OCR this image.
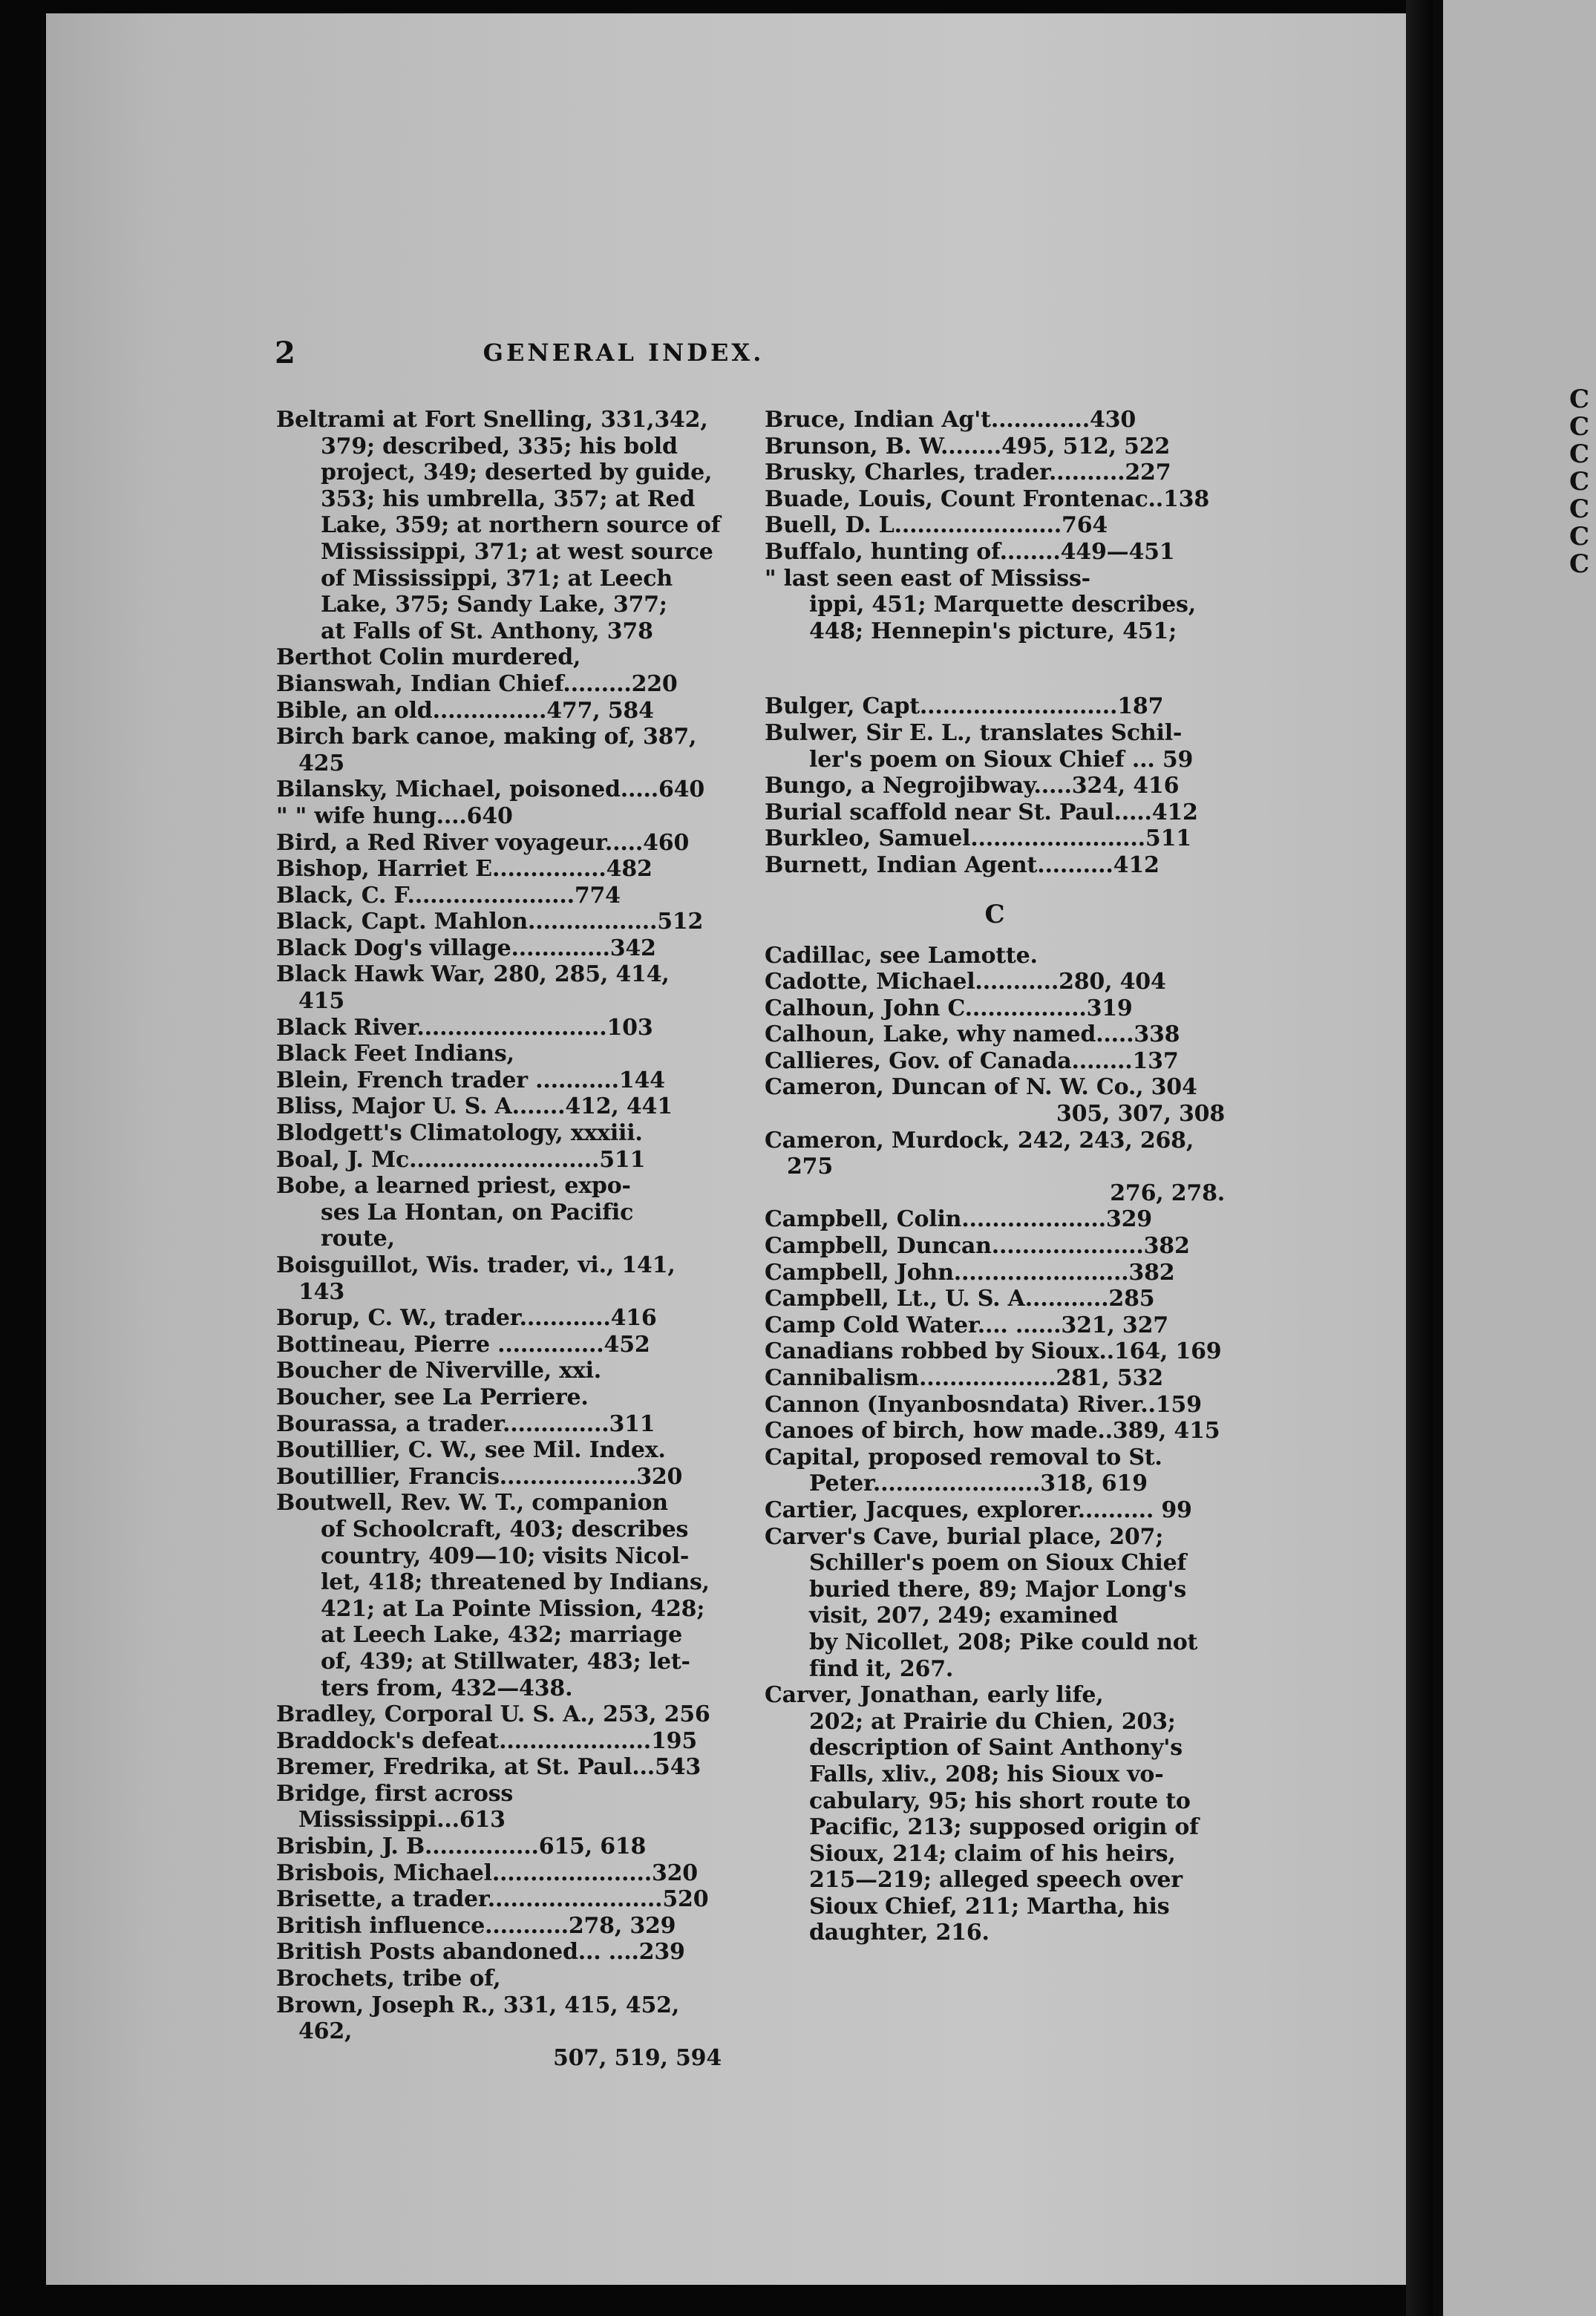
2	GENERAL INDEX.

Beltrami at Fort Snelling, 331,342,

379; described, 335; his bold

project, 349; deserted by guide,

353; his umbrella, 357; at Red

Lake, 359; at northern source of

Mississippi, 371; at west source

of Mississippi, 371; at Leech

Lake, 375; Sandy Lake, 377;

at Falls of St. Anthony, 378

Berthot Colin murdered,

Bianswah, Indian Chief.........220

Bible, an old...............477, 584

Birch bark canoe, making of, 387, 425

Bilansky, Michael, poisoned.....640

" " wife hung....640

Bird, a Red River voyageur.....460

Bishop, Harriet E...............482

Black, C. F......................774

Black, Capt. Mahlon.................512

Black Dog's village.............342

Black Hawk War, 280, 285, 414, 415

Black River.........................103

Black Feet Indians,

Blein, French trader ...........144

Bliss, Major U. S. A.......412, 441

Blodgett's Climatology, xxxiii.

Boal, J. Mc.........................511

Bobe, a learned priest, expo-

ses La Hontan, on Pacific

route,

Boisguillot, Wis. trader, vi., 141, 143

Borup, C. W., trader............416

Bottineau, Pierre ..............452

Boucher de Niverville, xxi.

Boucher, see La Perriere.

Bourassa, a trader..............311

Boutillier, C. W., see Mil. Index.

Boutillier, Francis..................320

Boutwell, Rev. W. T., companion

of Schoolcraft, 403; describes

country, 409—10; visits Nicol-

let, 418; threatened by Indians,

421; at La Pointe Mission, 428;

at Leech Lake, 432; marriage

of, 439; at Stillwater, 483; let-

ters from, 432—438.

Bradley, Corporal U. S. A., 253, 256

Braddock's defeat....................195

Bremer, Fredrika, at St. Paul...543

Bridge, first across Mississippi...613

Brisbin, J. B...............615, 618

Brisbois, Michael.....................320

Brisette, a trader.......................520

British influence...........278, 329

British Posts abandoned... ....239

Brochets, tribe of,

Brown, Joseph R., 331, 415, 452, 462,

507, 519, 594

Bruce, Indian Ag't.............430

Brunson, B. W........495, 512, 522

Brusky, Charles, trader..........227

Buade, Louis, Count Frontenac..138

Buell, D. L......................764

Buffalo, hunting of........449—451

" last seen east of Mississ-

ippi, 451; Marquette describes,

448; Hennepin's picture, 451;

Bulger, Capt..........................187

Bulwer, Sir E. L., translates Schil-

ler's poem on Sioux Chief ... 59

Bungo, a Negrojibway.....324, 416

Burial scaffold near St. Paul.....412

Burkleo, Samuel.......................511

Burnett, Indian Agent..........412

C

Cadillac, see Lamotte.

Cadotte, Michael...........280, 404

Calhoun, John C................319

Calhoun, Lake, why named.....338

Callieres, Gov. of Canada........137

Cameron, Duncan of N. W. Co., 304

305, 307, 308

Cameron, Murdock, 242, 243, 268, 275

276, 278.

Campbell, Colin...................329

Campbell, Duncan....................382

Campbell, John.......................382

Campbell, Lt., U. S. A...........285

Camp Cold Water.... ......321, 327

Canadians robbed by Sioux..164, 169

Cannibalism..................281, 532

Cannon (Inyanbosndata) River..159

Canoes of birch, how made..389, 415

Capital, proposed removal to St.

Peter......................318, 619

Cartier, Jacques, explorer.......... 99

Carver's Cave, burial place, 207;

Schiller's poem on Sioux Chief

buried there, 89; Major Long's

visit, 207, 249; examined

by Nicollet, 208; Pike could not

find it, 267.

Carver, Jonathan, early life,

202; at Prairie du Chien, 203;

description of Saint Anthony's

Falls, xliv., 208; his Sioux vo-

cabulary, 95; his short route to

Pacific, 213; supposed origin of

Sioux, 214; claim of his heirs,

215—219; alleged speech over

Sioux Chief, 211; Martha, his

daughter, 216.

C
C
C
C
C
C
C
